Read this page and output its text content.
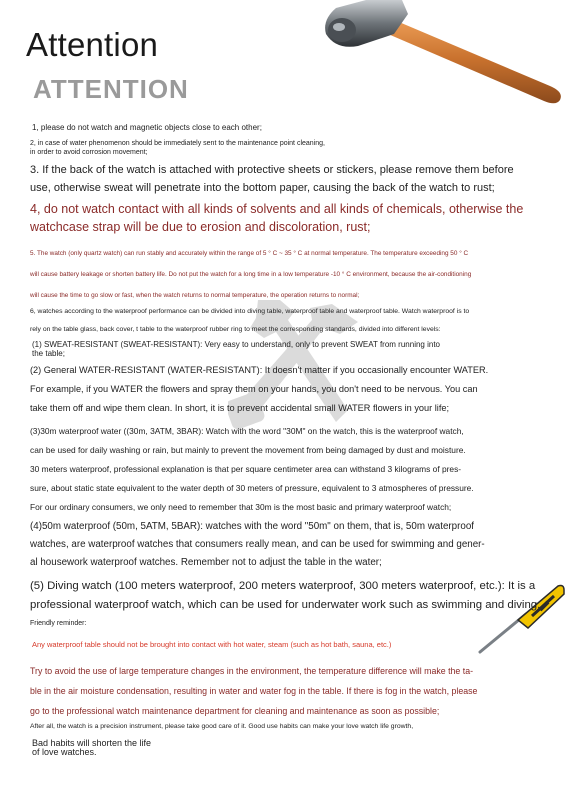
Attention
ATTENTION

1, please do not watch and magnetic objects close to each other;

2, in case of water phenomenon should be immediately sent to the maintenance point cleaning,
in order to avoid corrosion movement;

3. If the back of the watch is attached with protective sheets or stickers, please remove them before
use, otherwise sweat will penetrate into the bottom paper, causing the back of the watch to rust;

4, do not watch contact with all kinds of solvents and all kinds of chemicals, otherwise the
watchcase strap will be due to erosion and discoloration, rust;

5. The watch (only quartz watch) can run stably and accurately within the range of 5 ° C ~ 35 ° C at normal temperature. The temperature exceeding 50 ° C
will cause battery leakage or shorten battery life. Do not put the watch for a long time in a low temperature -10 ° C environment, because the air-conditioning
will cause the time to go slow or fast, when the watch returns to normal temperature, the operation returns to normal;

6, watches according to the waterproof performance can be divided into diving table, waterproof table and waterproof table. Watch waterproof is to
rely on the table glass, back cover, t table to the waterproof rubber ring to meet the corresponding standards, divided into different levels:

(1) SWEAT-RESISTANT (SWEAT-RESISTANT): Very easy to understand, only to prevent SWEAT from running into
the table;

(2) General WATER-RESISTANT (WATER-RESISTANT): It doesn't matter if you occasionally encounter WATER.
For example, if you WATER the flowers and spray them on your hands, you don't need to be nervous. You can
take them off and wipe them clean. In short, it is to prevent accidental small WATER flowers in your life;

(3)30m waterproof water ((30m, 3ATM, 3BAR): Watch with the word "30M" on the watch, this is the waterproof watch,
can be used for daily washing or rain, but mainly to prevent the movement from being damaged by dust and moisture.
30 meters waterproof, professional explanation is that per square centimeter area can withstand 3 kilograms of pres-
sure, about static state equivalent to the water depth of 30 meters of pressure, equivalent to 3 atmospheres of pressure.
For our ordinary consumers, we only need to remember that 30m is the most basic and primary waterproof watch;

(4)50m waterproof (50m, 5ATM, 5BAR): watches with the word "50m" on them, that is, 50m waterproof
watches, are waterproof watches that consumers really mean, and can be used for swimming and gener-
al housework waterproof watches. Remember not to adjust the table in the water;

(5) Diving watch (100 meters waterproof, 200 meters waterproof, 300 meters waterproof, etc.): It is a
professional waterproof watch, which can be used for underwater work such as swimming and diving.

Friendly reminder:

Any waterproof table should not be brought into contact with hot water, steam (such as hot bath, sauna, etc.)

Try to avoid the use of large temperature changes in the environment, the temperature difference will make the ta-
ble in the air moisture condensation, resulting in water and water fog in the table. If there is fog in the watch, please
go to the professional watch maintenance department for cleaning and maintenance as soon as possible;

After all, the watch is a precision instrument, please take good care of it. Good use habits can make your love watch life growth,

Bad habits will shorten the life
of love watches.
